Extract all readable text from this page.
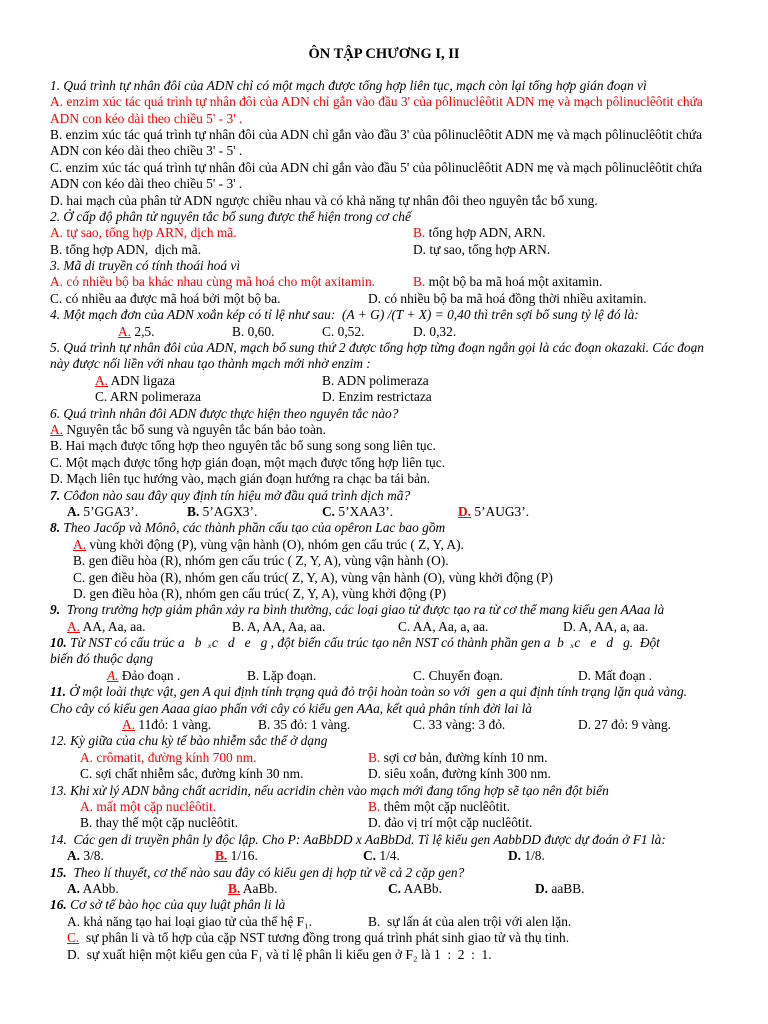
ÔN TẬP CHƯƠNG I, II
1. Quá trình tự nhân đôi của ADN chỉ có một mạch được tổng hợp liên tục, mạch còn lại tổng hợp gián đoạn vì
A. enzim xúc tác quá trình tự nhân đôi của ADN chỉ gắn vào đầu 3' của pôlinuclêôtit ADN mẹ và mạch pôlinuclêôtit chứa
ADN con kéo dài theo chiều 5' - 3' .
B. enzim xúc tác quá trình tự nhân đôi của ADN chỉ gắn vào đầu 3' của pôlinuclêôtit ADN mẹ và mạch pôlinuclêôtit chứa
ADN con kéo dài theo chiều 3' - 5' .
C. enzim xúc tác quá trình tự nhân đôi của ADN chỉ gắn vào đầu 5' của pôlinuclêôtit ADN mẹ và mạch pôlinuclêôtit chứa
ADN con kéo dài theo chiều 5' - 3' .
D. hai mạch của phân tử ADN ngược chiều nhau và có khả năng tự nhân đôi theo nguyên tắc bổ xung.
2. Ở cấp độ phân tử nguyên tắc bổ sung được thể hiện trong cơ chế
A. tự sao, tổng hợp ARN, dịch mã.	B. tổng hợp ADN, ARN.
B. tổng hợp ADN,  dịch mã.	D. tự sao, tổng hợp ARN.
3. Mã di truyền có tính thoái hoá vì
A. có nhiều bộ ba khác nhau cùng mã hoá cho một axitamin.	B. một bộ ba mã hoá một axitamin.
C. có nhiều aa được mã hoá bởi một bộ ba.	D. có nhiều bộ ba mã hoá đồng thời nhiều axitamin.
4. Một mạch đơn của ADN xoắn kép có tỉ lệ như sau:  (A + G) /(T + X) = 0,40 thì trên sợi bổ sung tỷ lệ đó là:
A. 2,5.	B. 0,60.	C. 0,52.	D. 0,32.
5. Quá trình tự nhân đôi của ADN, mạch bổ sung thứ 2 được tổng hợp từng đoạn ngắn gọi là các đoạn okazaki. Các đoạn
này được nối liền với nhau tạo thành mạch mới nhờ enzim :
A. ADN ligaza	B. ADN polimeraza
C. ARN polimeraza	D. Enzim restrictaza
6. Quá trình nhân đôi ADN được thực hiện theo nguyên tắc nào?
A. Nguyên tắc bổ sung và nguyên tắc bán bảo toàn.
B. Hai mạch được tổng hợp theo nguyên tắc bổ sung song song liên tục.
C. Một mạch được tổng hợp gián đoạn, một mạch được tổng hợp liên tục.
D. Mạch liên tục hướng vào, mạch gián đoạn hướng ra chạc ba tái bản.
7. Côđon nào sau đây quy định tín hiệu mở đầu quá trình dịch mã?
A. 5’GGA3’.	B. 5’AGX3’.	C. 5’XAA3’.	D. 5’AUG3’.
8. Theo Jacốp và Mônô, các thành phần cấu tạo của opêron Lac bao gồm
A. vùng khởi động (P), vùng vận hành (O), nhóm gen cấu trúc ( Z, Y, A).
B. gen điều hòa (R), nhóm gen cấu trúc ( Z, Y, A), vùng vận hành (O).
C. gen điều hòa (R), nhóm gen cấu trúc( Z, Y, A), vùng vận hành (O), vùng khởi động (P)
D. gen điều hòa (R), nhóm gen cấu trúc( Z, Y, A), vùng khởi động (P)
9. Trong trường hợp giảm phân xảy ra bình thường, các loại giao tử được tạo ra từ cơ thể mang kiểu gen AAaa là
A. AA, Aa, aa.	B. A, AA, Aa, aa.	C. AA, Aa, a, aa.	D. A, AA, a, aa.
10. Từ NST có cấu trúc a   b  ₓc   d   e   g , đột biến cấu trúc tạo nên NST có thành phần gen a  b  ₓc   e   d   g.  Đột
biến đó thuộc dạng
A. Đảo đoạn .	B. Lặp đoạn.	C. Chuyển đoạn.	D. Mất đoạn .
11. Ở một loài thực vật, gen A qui định tính trạng quả đỏ trội hoàn toàn so với  gen a qui định tính trạng lặn quả vàng.
Cho cây có kiểu gen Aaaa giao phấn với cây có kiểu gen AAa, kết quả phân tính đời lai là
A. 11đỏ: 1 vàng.	B. 35 đỏ: 1 vàng.	C. 33 vàng: 3 đỏ.	D. 27 đỏ: 9 vàng.
12. Kỳ giữa của chu kỳ tế bào nhiễm sắc thể ở dạng
A. crômatit, đường kính 700 nm.	B. sợi cơ bản, đường kính 10 nm.
C. sợi chất nhiễm sắc, đường kính 30 nm.	D. siêu xoắn, đường kính 300 nm.
13. Khi xử lý ADN bằng chất acridin, nếu acridin chèn vào mạch mới đang tổng hợp sẽ tạo nên đột biến
A. mất một cặp nuclêôtit.	B. thêm một cặp nuclêôtit.
B. thay thế một cặp nuclêôtit.	D. đảo vị trí một cặp nuclêôtit.
14. Các gen di truyền phân ly độc lập. Cho P: AaBbDD x AaBbDd. Tỉ lệ kiểu gen AabbDD được dự đoán ở F1 là:
A. 3/8.	B. 1/16.	C. 1/4.	D. 1/8.
15. Theo lí thuyết, cơ thể nào sau đây có kiểu gen dị hợp tử về cả 2 cặp gen?
A. AAbb.	B. AaBb.	C. AABb.	D. aaBB.
16. Cơ sở tế bào học của quy luật phân li là
A. khả năng tạo hai loại giao tử của thể hệ F₁.	B. sự lấn át của alen trội với alen lặn.
C. sự phân li và tổ hợp của cặp NST tương đồng trong quá trình phát sinh giao tử và thụ tinh.
D. sự xuất hiện một kiểu gen của F₁ và tỉ lệ phân li kiểu gen ở F₂ là 1  :  2  :  1.
